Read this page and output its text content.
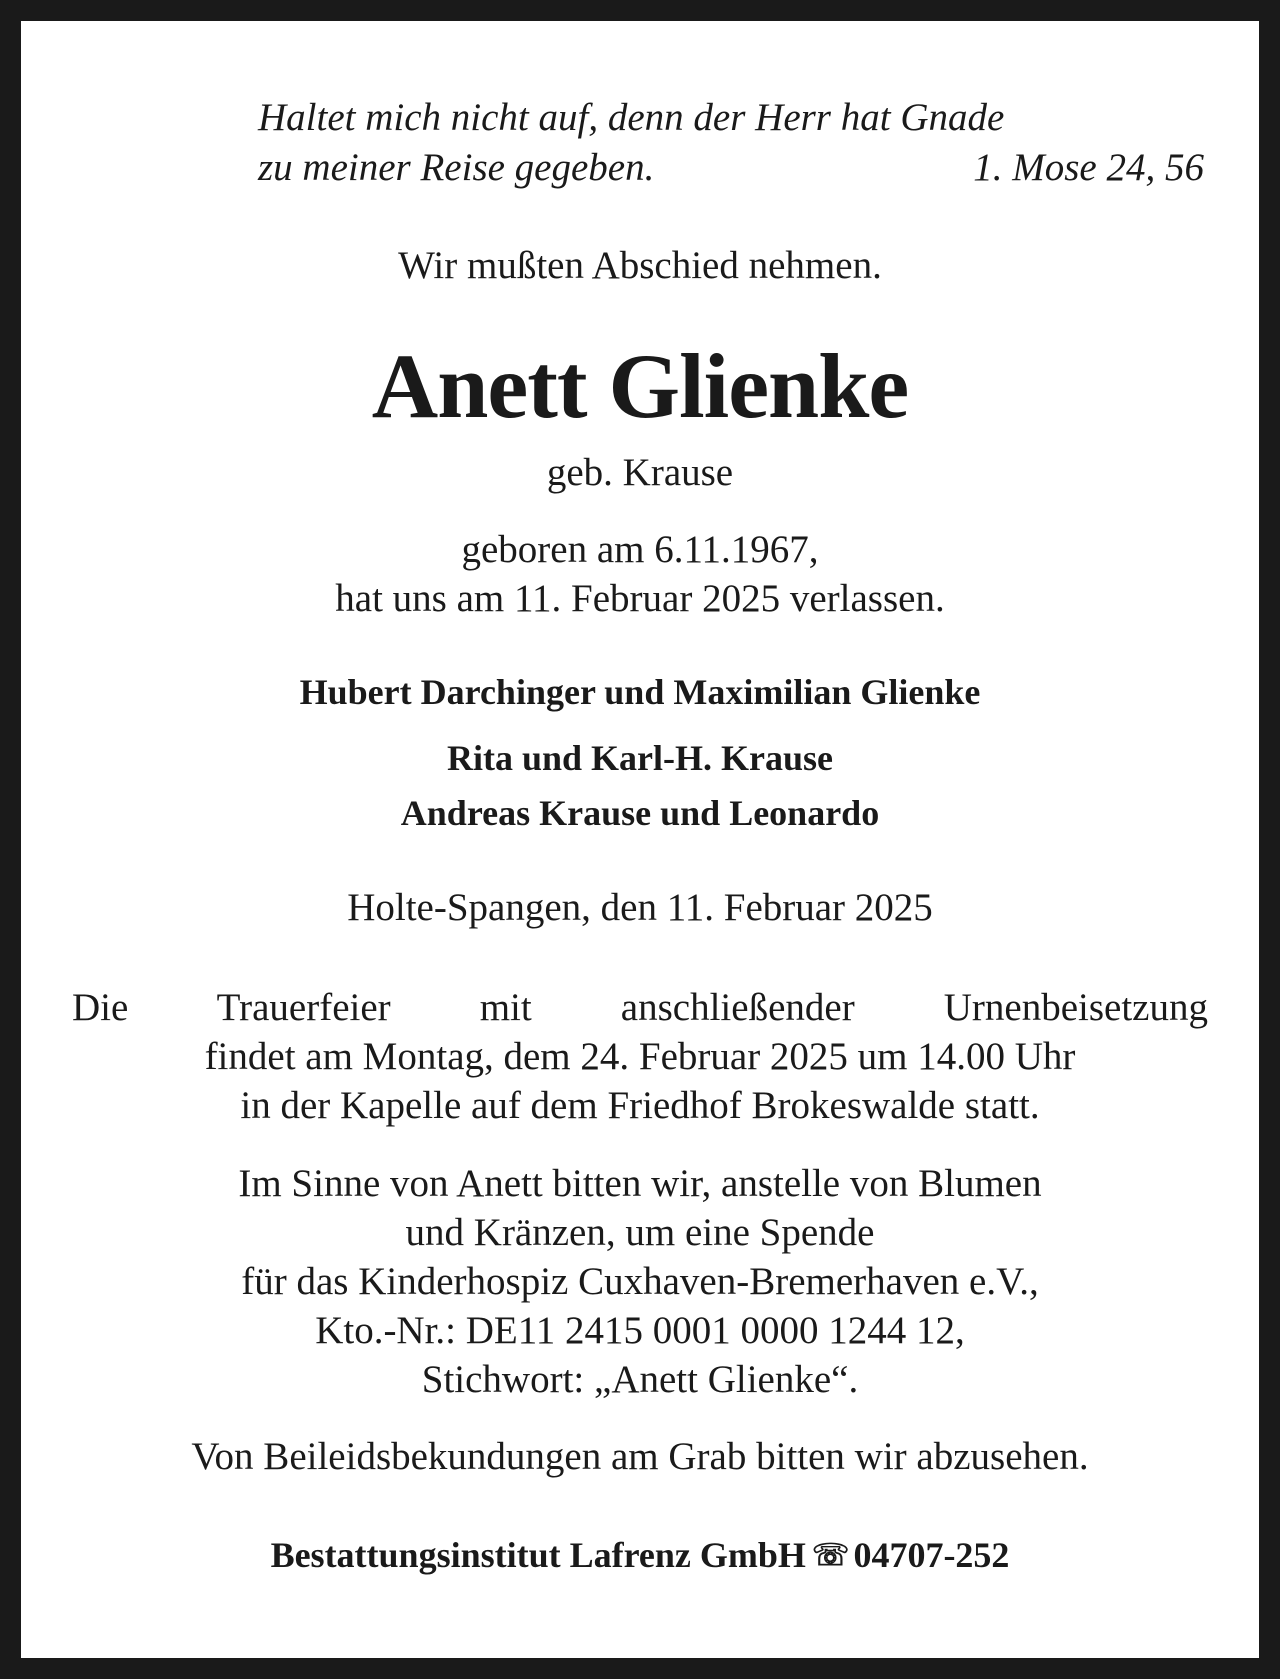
Haltet mich nicht auf, denn der Herr hat Gnade
zu meiner Reise gegeben.	1. Mose 24, 56
Wir mußten Abschied nehmen.
Anett Glienke
geb. Krause
geboren am 6.11.1967,
hat uns am 11. Februar 2025 verlassen.
Hubert Darchinger und Maximilian Glienke
Rita und Karl-H. Krause
Andreas Krause und Leonardo
Holte-Spangen, den 11. Februar 2025
Die Trauerfeier mit anschließender Urnenbeisetzung
findet am Montag, dem 24. Februar 2025 um 14.00 Uhr
in der Kapelle auf dem Friedhof Brokeswalde statt.
Im Sinne von Anett bitten wir, anstelle von Blumen
und Kränzen, um eine Spende
für das Kinderhospiz Cuxhaven-Bremerhaven e.V.,
Kto.-Nr.: DE11 2415 0001 0000 1244 12,
Stichwort: „Anett Glienke“.
Von Beileidsbekundungen am Grab bitten wir abzusehen.
Bestattungsinstitut Lafrenz GmbH ☏ 04707-252
